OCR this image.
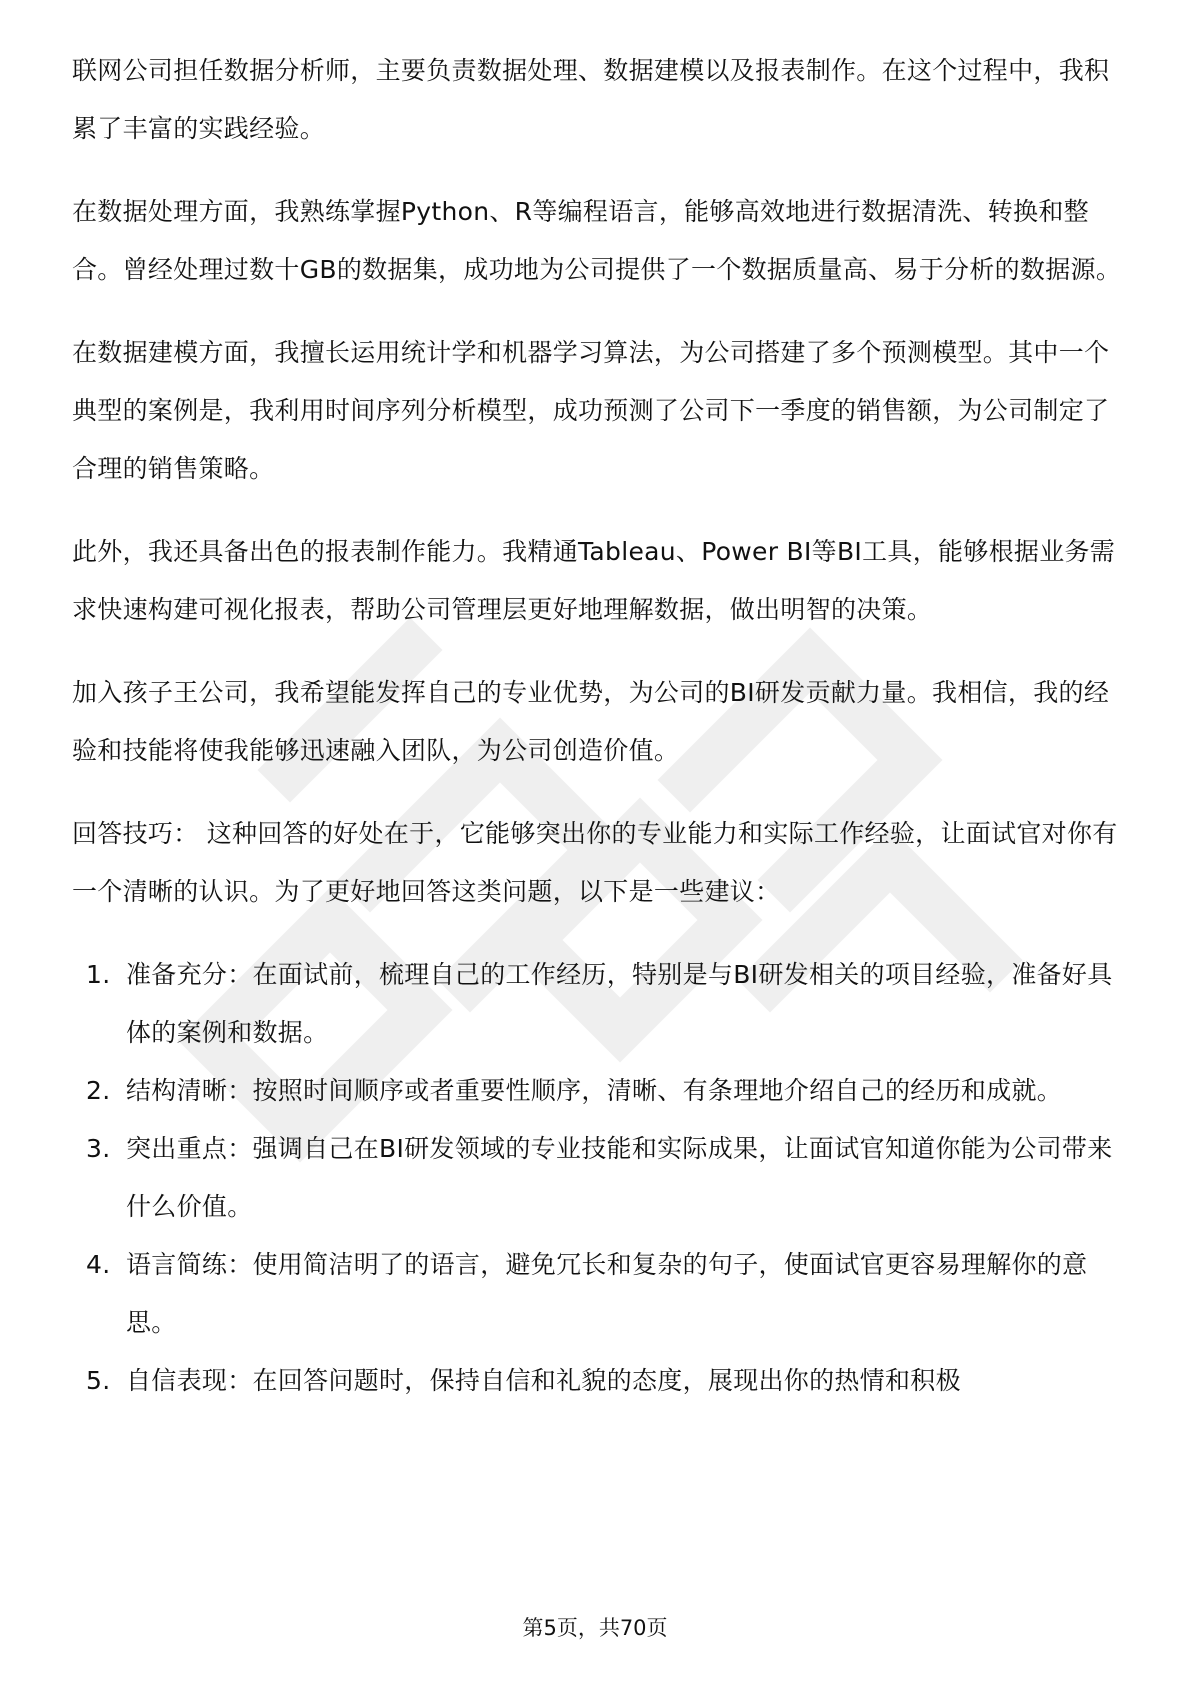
联网公司担任数据分析师，主要负责数据处理、数据建模以及报表制作。在这个过程中，我积累了丰富的实践经验。

在数据处理方面，我熟练掌握Python、R等编程语言，能够高效地进行数据清洗、转换和整合。曾经处理过数十GB的数据集，成功地为公司提供了一个数据质量高、易于分析的数据源。

在数据建模方面，我擅长运用统计学和机器学习算法，为公司搭建了多个预测模型。其中一个典型的案例是，我利用时间序列分析模型，成功预测了公司下一季度的销售额，为公司制定了合理的销售策略。

此外，我还具备出色的报表制作能力。我精通Tableau、Power BI等BI工具，能够根据业务需求快速构建可视化报表，帮助公司管理层更好地理解数据，做出明智的决策。

加入孩子王公司，我希望能发挥自己的专业优势，为公司的BI研发贡献力量。我相信，我的经验和技能将使我能够迅速融入团队，为公司创造价值。

回答技巧： 这种回答的好处在于，它能够突出你的专业能力和实际工作经验，让面试官对你有一个清晰的认识。为了更好地回答这类问题，以下是一些建议：

1. 准备充分：在面试前，梳理自己的工作经历，特别是与BI研发相关的项目经验，准备好具体的案例和数据。
2. 结构清晰：按照时间顺序或者重要性顺序，清晰、有条理地介绍自己的经历和成就。
3. 突出重点：强调自己在BI研发领域的专业技能和实际成果，让面试官知道你能为公司带来什么价值。
4. 语言简练：使用简洁明了的语言，避免冗长和复杂的句子，使面试官更容易理解你的意思。
5. 自信表现：在回答问题时，保持自信和礼貌的态度，展现出你的热情和积极
第5页，共70页
